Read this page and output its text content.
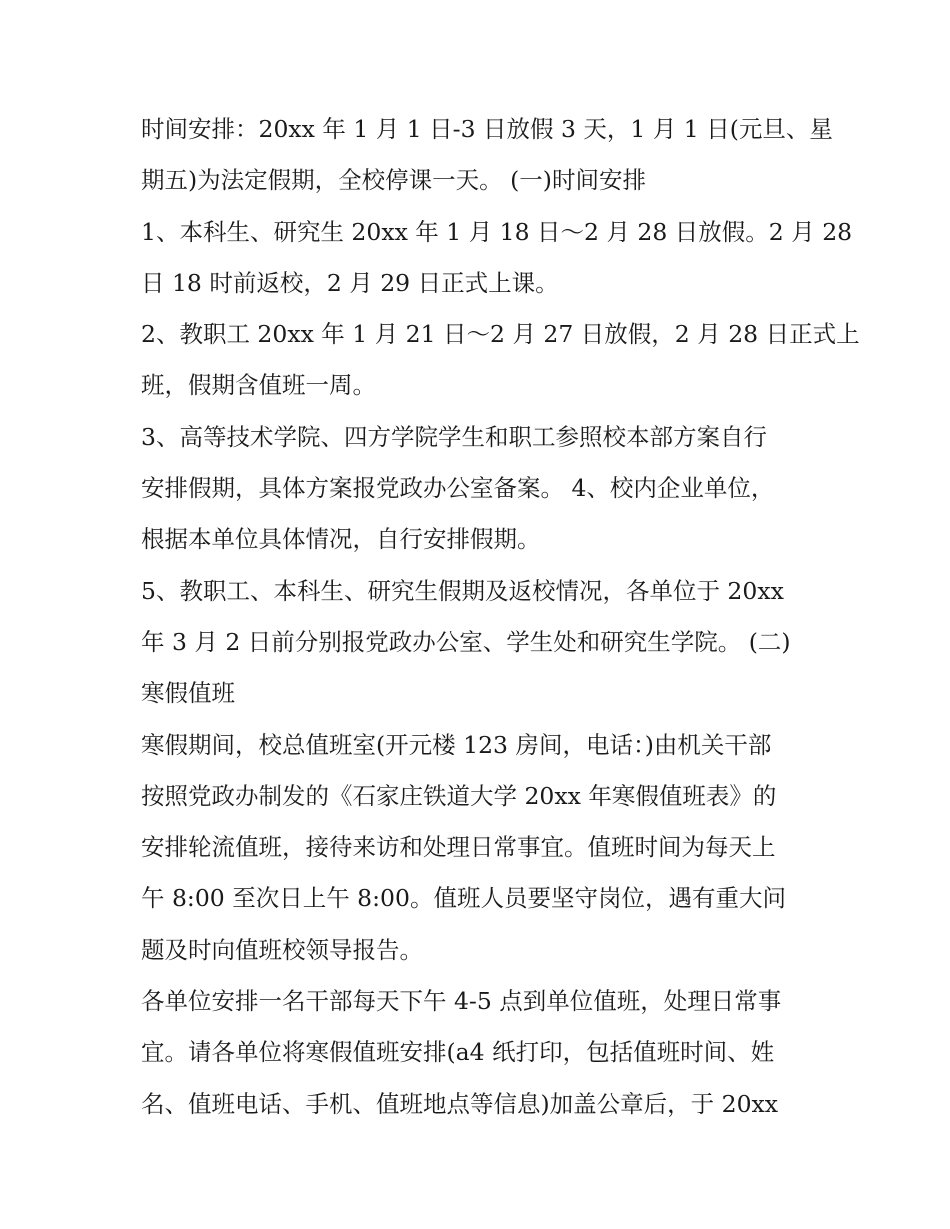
时间安排：20xx 年 1 月 1 日-3 日放假 3 天，1 月 1 日(元旦、星
期五)为法定假期，全校停课一天。 (一)时间安排
1、本科生、研究生 20xx 年 1 月 18 日～2 月 28 日放假。2 月 28
日 18 时前返校，2 月 29 日正式上课。
2、教职工 20xx 年 1 月 21 日～2 月 27 日放假，2 月 28 日正式上
班，假期含值班一周。
3、高等技术学院、四方学院学生和职工参照校本部方案自行
安排假期，具体方案报党政办公室备案。 4、校内企业单位，
根据本单位具体情况，自行安排假期。
5、教职工、本科生、研究生假期及返校情况，各单位于 20xx
年 3 月 2 日前分别报党政办公室、学生处和研究生学院。 (二)
寒假值班
寒假期间，校总值班室(开元楼 123 房间，电话：)由机关干部
按照党政办制发的《石家庄铁道大学 20xx 年寒假值班表》的
安排轮流值班，接待来访和处理日常事宜。值班时间为每天上
午 8:00 至次日上午 8:00。值班人员要坚守岗位，遇有重大问
题及时向值班校领导报告。
各单位安排一名干部每天下午 4-5 点到单位值班，处理日常事
宜。请各单位将寒假值班安排(a4 纸打印，包括值班时间、姓
名、值班电话、手机、值班地点等信息)加盖公章后，于 20xx
